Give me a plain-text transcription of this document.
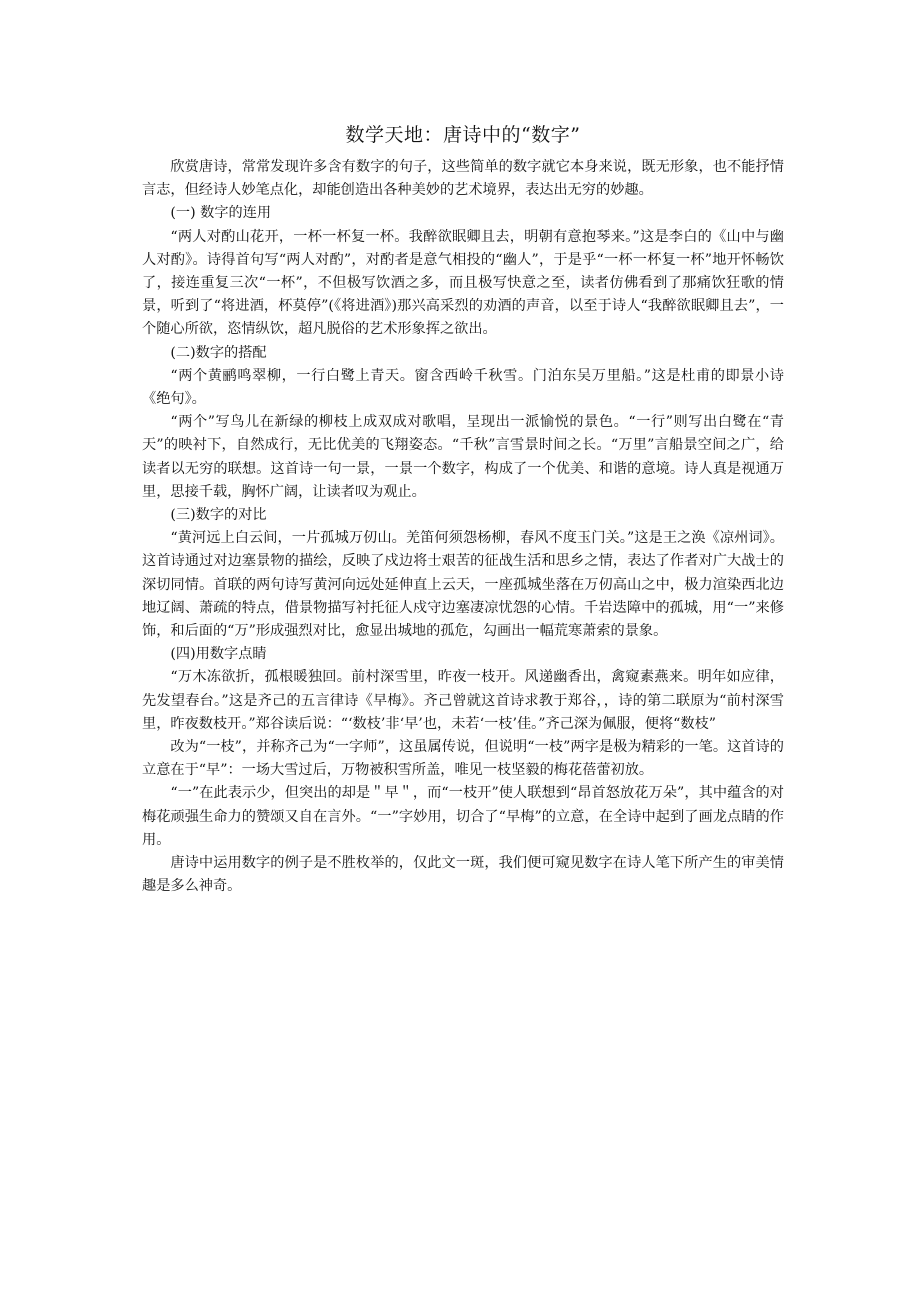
数学天地：唐诗中的“数字”

欣赏唐诗，常常发现许多含有数字的句子，这些简单的数字就它本身来说，既无形象，也不能抒情言志，但经诗人妙笔点化，却能创造出各种美妙的艺术境界，表达出无穷的妙趣。

(一) 数字的连用

“两人对酌山花开，一杯一杯复一杯。我醉欲眠卿且去，明朝有意抱琴来。”这是李白的《山中与幽人对酌》。诗得首句写“两人对酌”，对酌者是意气相投的“幽人”，于是乎“一杯一杯复一杯”地开怀畅饮了，接连重复三次“一杯”，不但极写饮酒之多，而且极写快意之至，读者仿佛看到了那痛饮狂歌的情景，听到了“将进酒，杯莫停”(《将进酒》)那兴高采烈的劝酒的声音，以至于诗人“我醉欲眠卿且去”，一个随心所欲，恣情纵饮，超凡脱俗的艺术形象挥之欲出。

(二)数字的搭配

“两个黄鹂鸣翠柳，一行白鹭上青天。窗含西岭千秋雪。门泊东吴万里船。”这是杜甫的即景小诗《绝句》。

“两个”写鸟儿在新绿的柳枝上成双成对歌唱，呈现出一派愉悦的景色。“一行”则写出白鹭在“青天”的映衬下，自然成行，无比优美的飞翔姿态。“千秋”言雪景时间之长。“万里”言船景空间之广，给读者以无穷的联想。这首诗一句一景，一景一个数字，构成了一个优美、和谐的意境。诗人真是视通万里，思接千载，胸怀广阔，让读者叹为观止。

(三)数字的对比

“黄河远上白云间，一片孤城万仞山。羌笛何须怨杨柳，春风不度玉门关。”这是王之涣《凉州词》。这首诗通过对边塞景物的描绘，反映了戍边将士艰苦的征战生活和思乡之情，表达了作者对广大战士的深切同情。首联的两句诗写黄河向远处延伸直上云天，一座孤城坐落在万仞高山之中，极力渲染西北边地辽阔、萧疏的特点，借景物描写衬托征人戍守边塞凄凉忧怨的心情。千岩迭障中的孤城，用“一”来修饰，和后面的“万”形成强烈对比，愈显出城地的孤危，勾画出一幅荒寒萧索的景象。

(四)用数字点睛

“万木冻欲折，孤根暖独回。前村深雪里，昨夜一枝开。风递幽香出，禽窥素燕来。明年如应律，先发望春台。”这是齐己的五言律诗《早梅》。齐己曾就这首诗求教于郑谷，，诗的第二联原为“前村深雪里，昨夜数枝开。”郑谷读后说：“‘数枝’非‘早’也，未若‘一枝’佳。”齐己深为佩服，便将“数枝”

改为“一枝”，并称齐己为“一字师”，这虽属传说，但说明“一枝”两字是极为精彩的一笔。这首诗的立意在于“早”：一场大雪过后，万物被积雪所盖，唯见一枝坚毅的梅花蓓蕾初放。

“一”在此表示少，但突出的却是＂早＂，而“一枝开”使人联想到“昂首怒放花万朵”，其中蕴含的对梅花顽强生命力的赞颂又自在言外。“一”字妙用，切合了“早梅”的立意，在全诗中起到了画龙点睛的作用。

唐诗中运用数字的例子是不胜枚举的，仅此文一斑，我们便可窥见数字在诗人笔下所产生的审美情趣是多么神奇。
